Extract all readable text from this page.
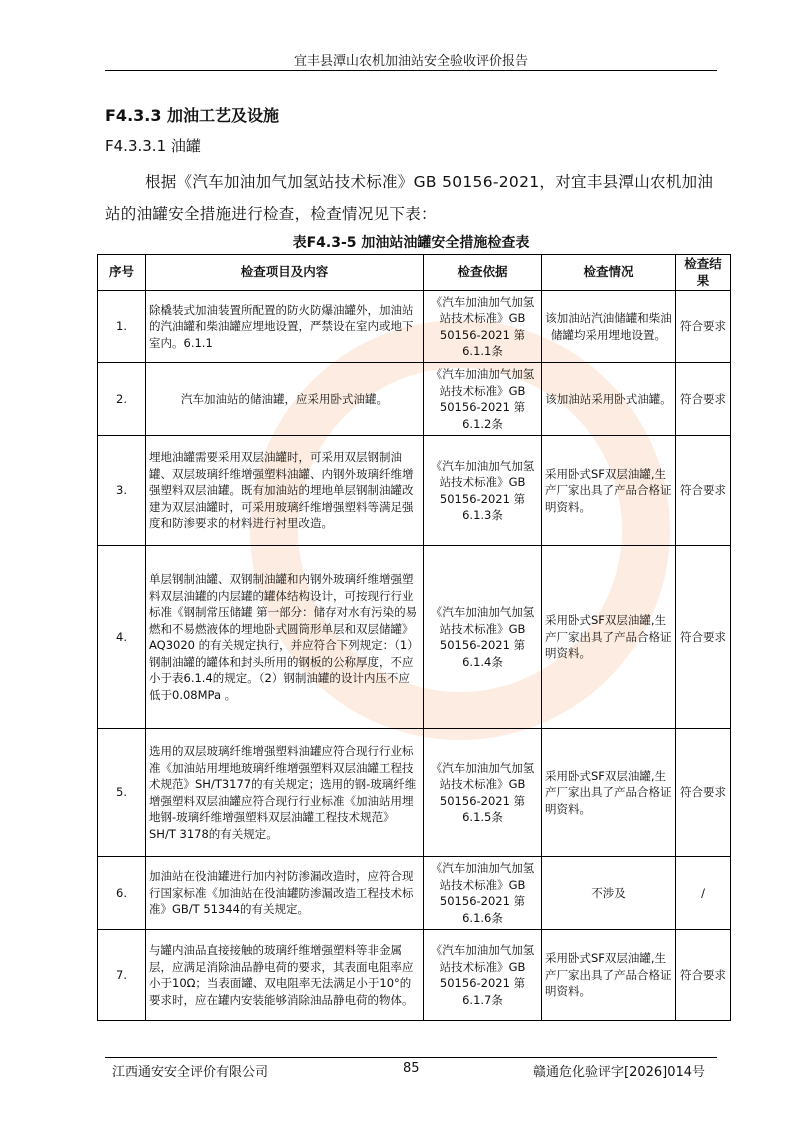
宜丰县潭山农机加油站安全验收评价报告
F4.3.3 加油工艺及设施
F4.3.3.1 油罐
根据《汽车加油加气加氢站技术标准》GB 50156-2021，对宜丰县潭山农机加油站的油罐安全措施进行检查，检查情况见下表：
表F4.3-5 加油站油罐安全措施检查表
序号	检查项目及内容	检查依据	检查情况	检查结果
1.	除橇装式加油装置所配置的防火防爆油罐外，加油站的汽油罐和柴油罐应埋地设置，严禁设在室内或地下室内。6.1.1	《汽车加油加气加氢站技术标准》GB 50156-2021 第6.1.1条	该加油站汽油储罐和柴油储罐均采用埋地设置。	符合要求
2.	汽车加油站的储油罐，应采用卧式油罐。	《汽车加油加气加氢站技术标准》GB 50156-2021 第6.1.2条	该加油站采用卧式油罐。	符合要求
3.	埋地油罐需要采用双层油罐时，可采用双层钢制油罐、双层玻璃纤维增强塑料油罐、内钢外玻璃纤维增强塑料双层油罐。既有加油站的埋地单层钢制油罐改建为双层油罐时，可采用玻璃纤维增强塑料等满足强度和防渗要求的材料进行衬里改造。	《汽车加油加气加氢站技术标准》GB 50156-2021 第6.1.3条	采用卧式SF双层油罐,生产厂家出具了产品合格证明资料。	符合要求
4.	单层钢制油罐、双钢制油罐和内钢外玻璃纤维增强塑料双层油罐的内层罐的罐体结构设计，可按现行行业标准《钢制常压储罐 第一部分：储存对水有污染的易燃和不易燃液体的埋地卧式圆筒形单层和双层储罐》AQ3020 的有关规定执行，并应符合下列规定：（1）钢制油罐的罐体和封头所用的钢板的公称厚度，不应小于表6.1.4的规定。（2）钢制油罐的设计内压不应低于0.08MPa 。	《汽车加油加气加氢站技术标准》GB 50156-2021 第6.1.4条	采用卧式SF双层油罐,生产厂家出具了产品合格证明资料。	符合要求
5.	选用的双层玻璃纤维增强塑料油罐应符合现行行业标准《加油站用埋地玻璃纤维增强塑料双层油罐工程技术规范》SH/T3177的有关规定；选用的钢-玻璃纤维增强塑料双层油罐应符合现行行业标准《加油站用埋地钢-玻璃纤维增强塑料双层油罐工程技术规范》SH/T 3178的有关规定。	《汽车加油加气加氢站技术标准》GB 50156-2021 第6.1.5条	采用卧式SF双层油罐,生产厂家出具了产品合格证明资料。	符合要求
6.	加油站在役油罐进行加内衬防渗漏改造时，应符合现行国家标准《加油站在役油罐防渗漏改造工程技术标准》GB/T 51344的有关规定。	《汽车加油加气加氢站技术标准》GB 50156-2021 第6.1.6条	不涉及	/
7.	与罐内油品直接接触的玻璃纤维增强塑料等非金属层，应满足消除油品静电荷的要求，其表面电阻率应小于10Ω；当表面罐、双电阻率无法满足小于10°的要求时，应在罐内安装能够消除油品静电荷的物体。	《汽车加油加气加氢站技术标准》GB 50156-2021 第6.1.7条	采用卧式SF双层油罐,生产厂家出具了产品合格证明资料。	符合要求
江西通安安全评价有限公司	85	赣通危化验评字[2026]014号
